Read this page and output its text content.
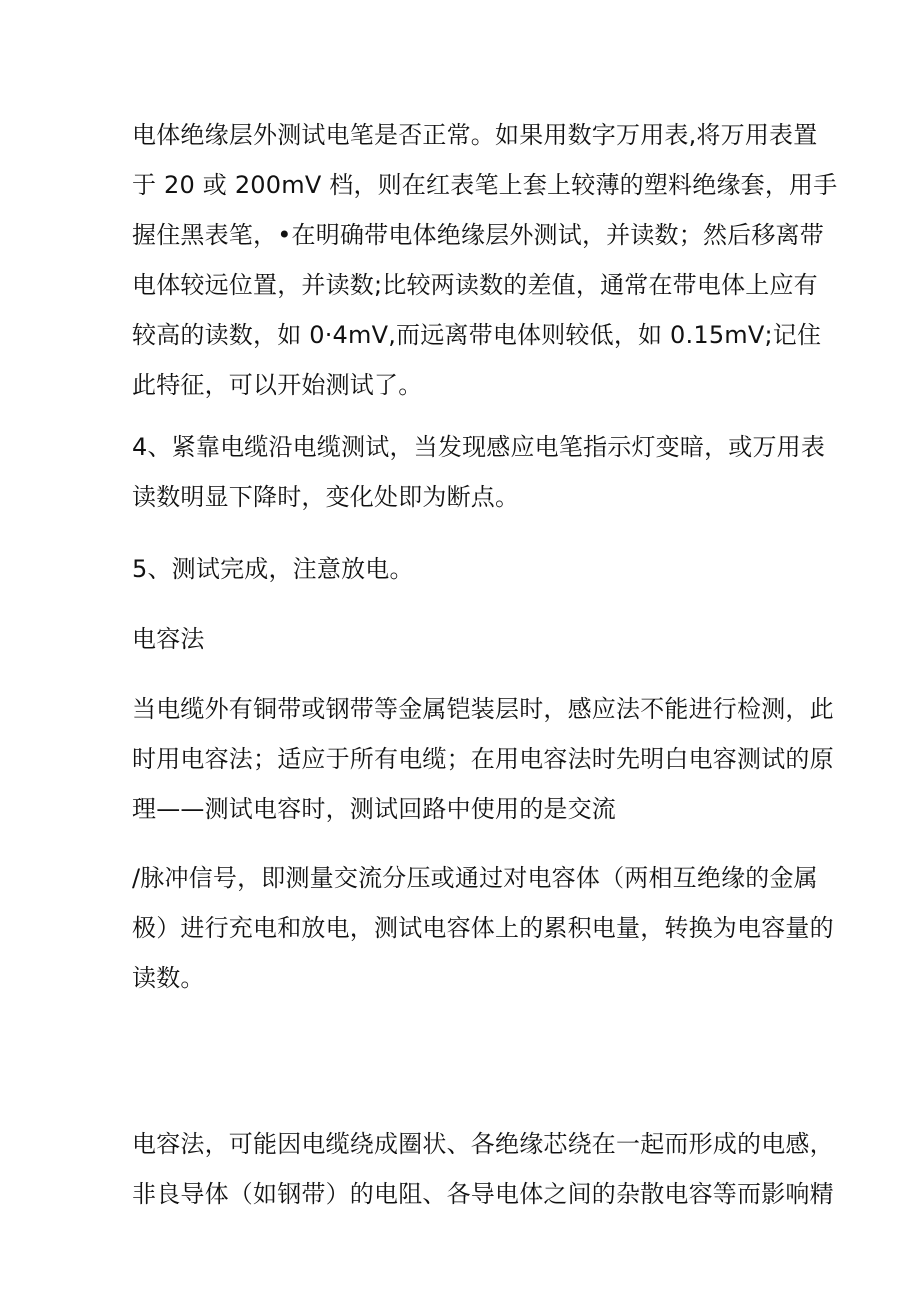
电体绝缘层外测试电笔是否正常。如果用数字万用表,将万用表置
于 20 或 200mV 档，则在红表笔上套上较薄的塑料绝缘套，用手
握住黑表笔，•在明确带电体绝缘层外测试，并读数；然后移离带
电体较远位置，并读数;比较两读数的差值，通常在带电体上应有
较高的读数，如 0·4mV,而远离带电体则较低，如 0.15mV;记住
此特征，可以开始测试了。
4、紧靠电缆沿电缆测试，当发现感应电笔指示灯变暗，或万用表
读数明显下降时，变化处即为断点。
5、测试完成，注意放电。
电容法
当电缆外有铜带或钢带等金属铠装层时，感应法不能进行检测，此
时用电容法；适应于所有电缆；在用电容法时先明白电容测试的原
理——测试电容时，测试回路中使用的是交流
/脉冲信号，即测量交流分压或通过对电容体（两相互绝缘的金属
极）进行充电和放电，测试电容体上的累积电量，转换为电容量的
读数。
电容法，可能因电缆绕成圈状、各绝缘芯绕在一起而形成的电感，
非良导体（如钢带）的电阻、各导电体之间的杂散电容等而影响精
